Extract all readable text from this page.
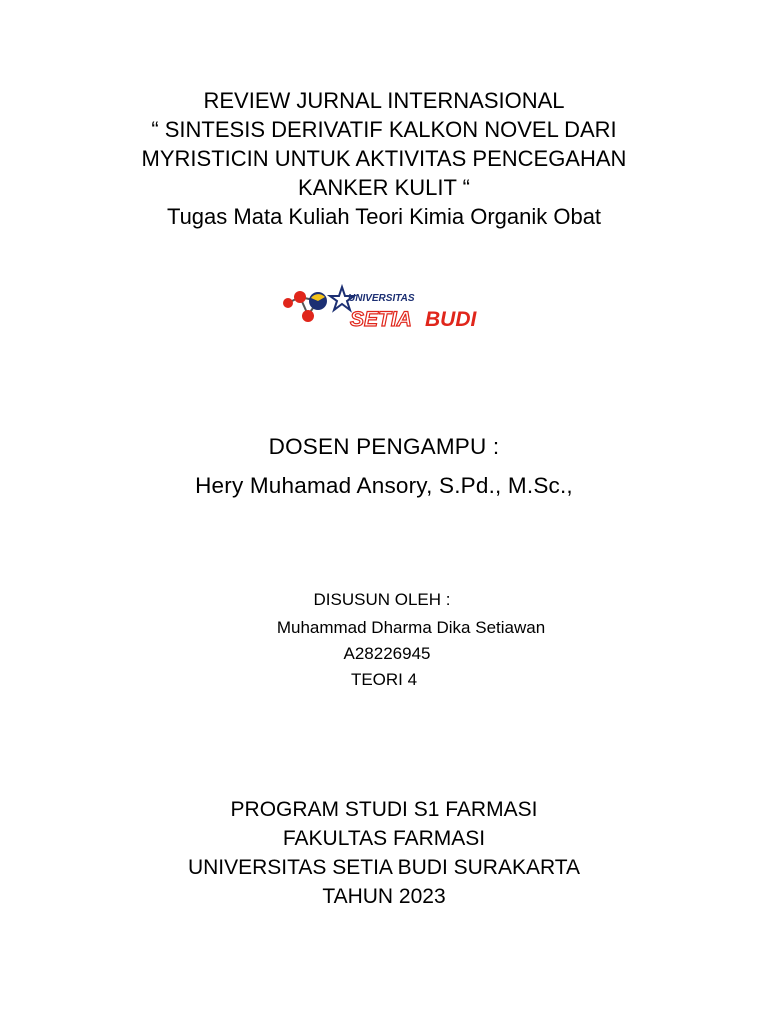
REVIEW JURNAL INTERNASIONAL
“ SINTESIS DERIVATIF KALKON NOVEL DARI
MYRISTICIN UNTUK AKTIVITAS PENCEGAHAN
KANKER KULIT “
Tugas Mata Kuliah Teori Kimia Organik Obat
UNIVERSITAS
SETIA BUDI
DOSEN PENGAMPU :
Hery Muhamad Ansory, S.Pd., M.Sc.,
DISUSUN OLEH :
Muhammad Dharma Dika Setiawan
A28226945
TEORI 4
PROGRAM STUDI S1 FARMASI
FAKULTAS FARMASI
UNIVERSITAS SETIA BUDI SURAKARTA
TAHUN 2023
